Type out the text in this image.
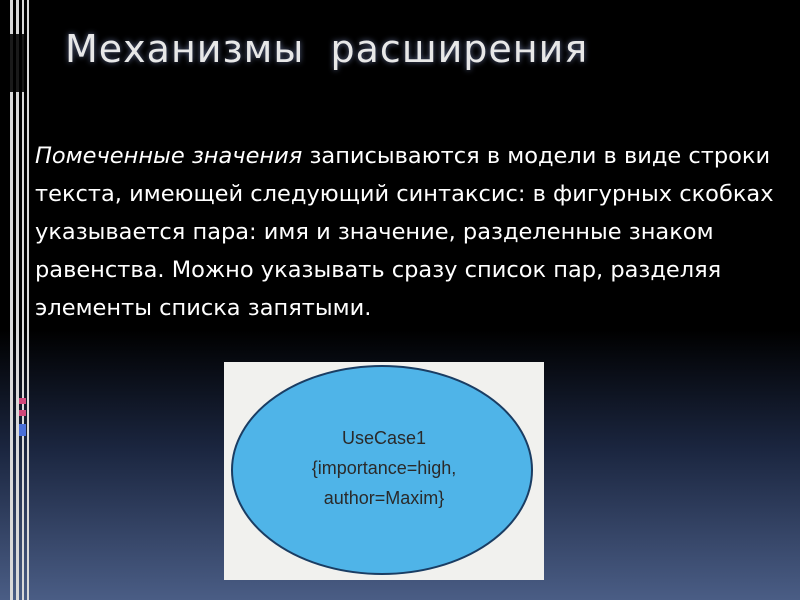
Механизмы  расширения

Помеченные значения записываются в модели в виде строки текста, имеющей следующий синтаксис: в фигурных скобках указывается пара: имя и значение, разделенные знаком равенства. Можно указывать сразу список пар, разделяя элементы списка запятыми.

UseCase1
{importance=high,
author=Maxim}
